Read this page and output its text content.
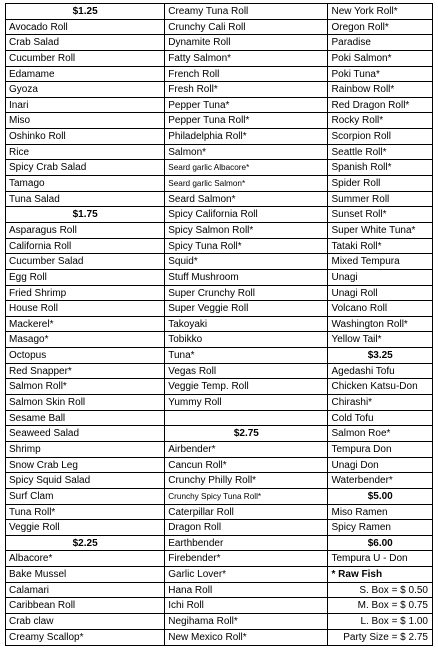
$1.25
Avocado Roll
Crab Salad
Cucumber Roll
Edamame
Gyoza
Inari
Miso
Oshinko Roll
Rice
Spicy Crab Salad
Tamago
Tuna Salad
$1.75
Asparagus Roll
California Roll
Cucumber Salad
Egg Roll
Fried Shrimp
House Roll
Mackerel*
Masago*
Octopus
Red Snapper*
Salmon Roll*
Salmon Skin Roll
Sesame Ball
Seaweed Salad
Shrimp
Snow Crab Leg
Spicy Squid Salad
Surf Clam
Tuna Roll*
Veggie Roll
$2.25
Albacore*
Bake Mussel
Calamari
Caribbean Roll
Crab claw
Creamy Scallop*
Creamy Tuna Roll
Crunchy Cali Roll
Dynamite Roll
Fatty Salmon*
French Roll
Fresh Roll*
Pepper Tuna*
Pepper Tuna Roll*
Philadelphia Roll*
Salmon*
Seard garlic Albacore*
Seard garlic Salmon*
Seard Salmon*
Spicy California Roll
Spicy Salmon Roll*
Spicy Tuna Roll*
Squid*
Stuff Mushroom
Super Crunchy Roll
Super Veggie Roll
Takoyaki
Tobikko
Tuna*
Vegas Roll
Veggie Temp. Roll
Yummy Roll
$2.75
Airbender*
Cancun Roll*
Crunchy Philly Roll*
Crunchy Spicy Tuna Roll*
Caterpillar Roll
Dragon Roll
Earthbender
Firebender*
Garlic Lover*
Hana Roll
Ichi Roll
Negihama Roll*
New Mexico Roll*
New York Roll*
Oregon Roll*
Paradise
Poki Salmon*
Poki Tuna*
Rainbow Roll*
Red Dragon Roll*
Rocky Roll*
Scorpion Roll
Seattle Roll*
Spanish Roll*
Spider Roll
Summer Roll
Sunset Roll*
Super White Tuna*
Tataki Roll*
Mixed Tempura
Unagi
Unagi Roll
Volcano Roll
Washington Roll*
Yellow Tail*
$3.25
Agedashi Tofu
Chicken Katsu-Don
Chirashi*
Cold Tofu
Salmon Roe*
Tempura Don
Unagi Don
Waterbender*
$5.00
Miso Ramen
Spicy Ramen
$6.00
Tempura U - Don
* Raw Fish
S. Box = $ 0.50
M. Box = $ 0.75
L. Box = $ 1.00
Party Size = $ 2.75
